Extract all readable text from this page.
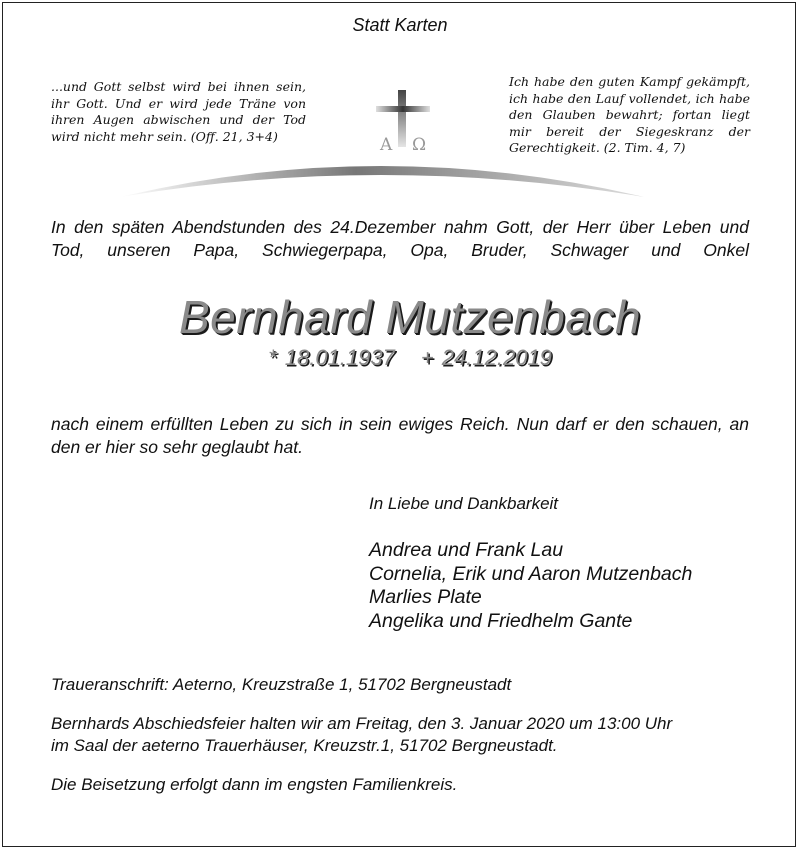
Statt Karten
...und Gott selbst wird bei ihnen sein, ihr Gott. Und er wird jede Träne von ihren Augen abwischen und der Tod wird nicht mehr sein. (Off. 21, 3+4)
Ich habe den guten Kampf gekämpft, ich habe den Lauf vollendet, ich habe den Glauben bewahrt; fortan liegt mir bereit der Siegeskranz der Gerechtigkeit. (2. Tim. 4, 7)
Α Ω
In den späten Abendstunden des 24.Dezember nahm Gott, der Herr über Leben und
Tod, unseren Papa, Schwiegerpapa, Opa, Bruder, Schwager und Onkel
Bernhard Mutzenbach
* 18.01.1937 + 24.12.2019
nach einem erfüllten Leben zu sich in sein ewiges Reich. Nun darf er den schauen, an den er hier so sehr geglaubt hat.
In Liebe und Dankbarkeit
Andrea und Frank Lau
Cornelia, Erik und Aaron Mutzenbach
Marlies Plate
Angelika und Friedhelm Gante
Traueranschrift: Aeterno, Kreuzstraße 1, 51702 Bergneustadt
Bernhards Abschiedsfeier halten wir am Freitag, den 3. Januar 2020 um 13:00 Uhr
im Saal der aeterno Trauerhäuser, Kreuzstr.1, 51702 Bergneustadt.
Die Beisetzung erfolgt dann im engsten Familienkreis.
